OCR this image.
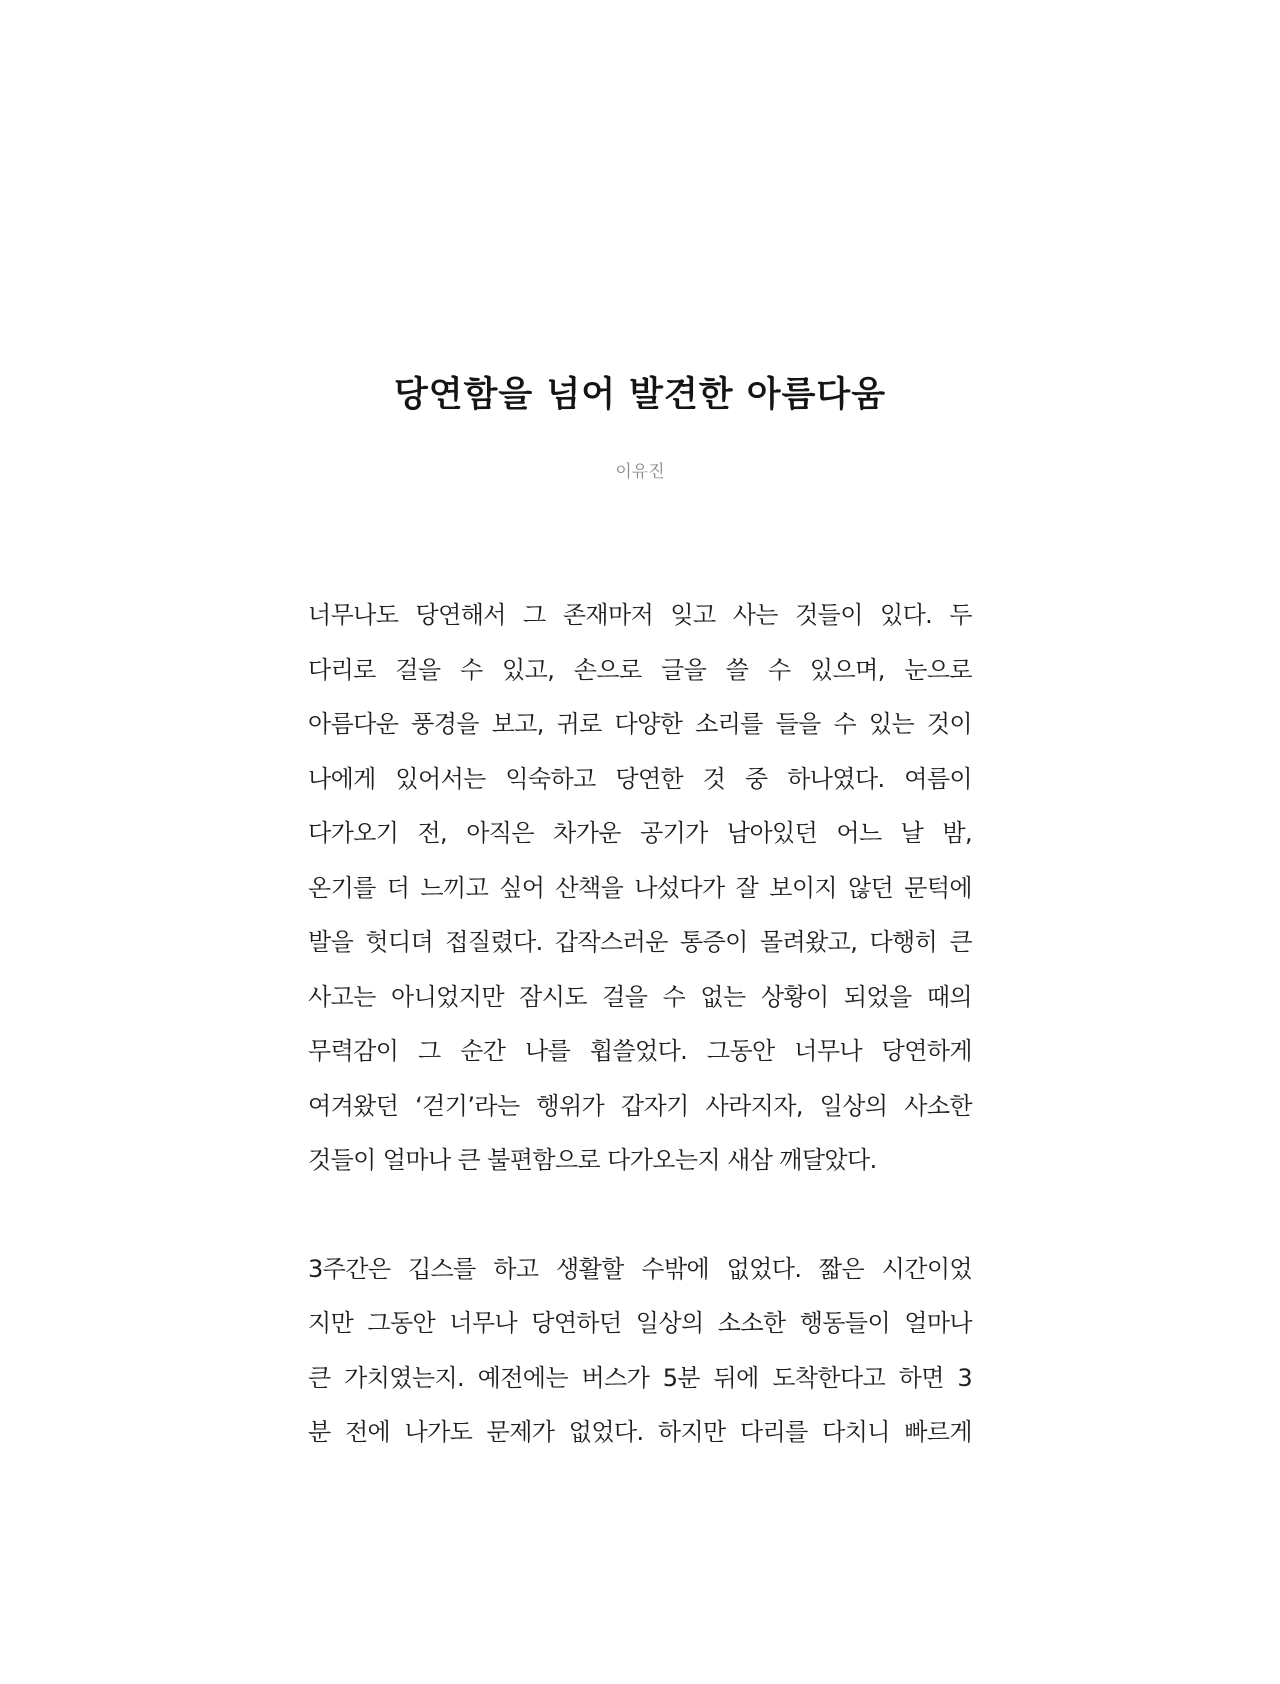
당연함을 넘어 발견한 아름다움
이유진

너무나도 당연해서 그 존재마저 잊고 사는 것들이 있다. 두
다리로 걸을 수 있고, 손으로 글을 쓸 수 있으며, 눈으로
아름다운 풍경을 보고, 귀로 다양한 소리를 들을 수 있는 것이
나에게 있어서는 익숙하고 당연한 것 중 하나였다. 여름이
다가오기 전, 아직은 차가운 공기가 남아있던 어느 날 밤,
온기를 더 느끼고 싶어 산책을 나섰다가 잘 보이지 않던 문턱에
발을 헛디뎌 접질렸다. 갑작스러운 통증이 몰려왔고, 다행히 큰
사고는 아니었지만 잠시도 걸을 수 없는 상황이 되었을 때의
무력감이 그 순간 나를 휩쓸었다. 그동안 너무나 당연하게
여겨왔던 ‘걷기’라는 행위가 갑자기 사라지자, 일상의 사소한
것들이 얼마나 큰 불편함으로 다가오는지 새삼 깨달았다.

3주간은 깁스를 하고 생활할 수밖에 없었다. 짧은 시간이었
지만 그동안 너무나 당연하던 일상의 소소한 행동들이 얼마나
큰 가치였는지. 예전에는 버스가 5분 뒤에 도착한다고 하면 3
분 전에 나가도 문제가 없었다. 하지만 다리를 다치니 빠르게
